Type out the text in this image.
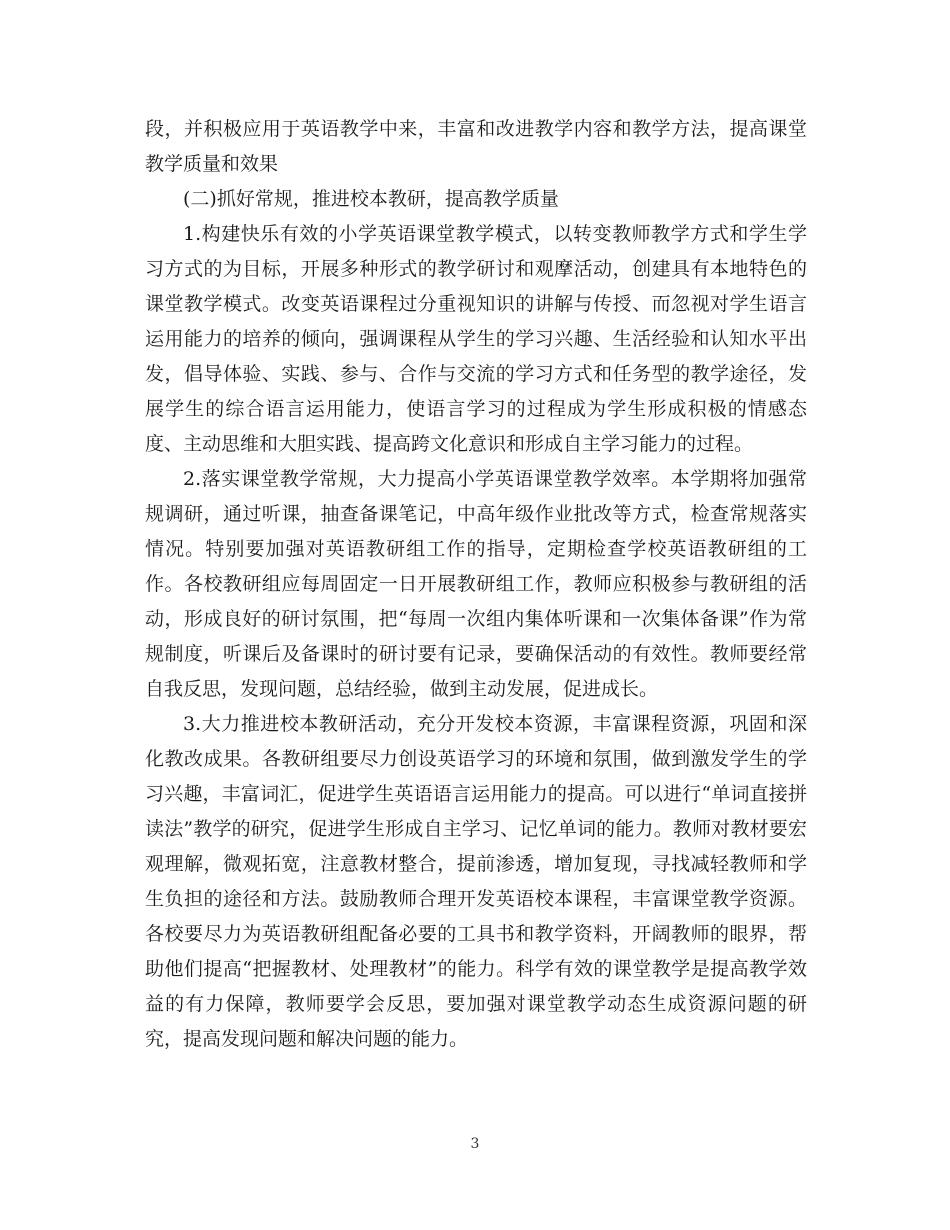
段，并积极应用于英语教学中来，丰富和改进教学内容和教学方法，提高课堂教学质量和效果

(二)抓好常规，推进校本教研，提高教学质量

1.构建快乐有效的小学英语课堂教学模式，以转变教师教学方式和学生学习方式的为目标，开展多种形式的教学研讨和观摩活动，创建具有本地特色的课堂教学模式。改变英语课程过分重视知识的讲解与传授、而忽视对学生语言运用能力的培养的倾向，强调课程从学生的学习兴趣、生活经验和认知水平出发，倡导体验、实践、参与、合作与交流的学习方式和任务型的教学途径，发展学生的综合语言运用能力，使语言学习的过程成为学生形成积极的情感态度、主动思维和大胆实践、提高跨文化意识和形成自主学习能力的过程。

2.落实课堂教学常规，大力提高小学英语课堂教学效率。本学期将加强常规调研，通过听课，抽查备课笔记，中高年级作业批改等方式，检查常规落实情况。特别要加强对英语教研组工作的指导，定期检查学校英语教研组的工作。各校教研组应每周固定一日开展教研组工作，教师应积极参与教研组的活动，形成良好的研讨氛围，把“每周一次组内集体听课和一次集体备课”作为常规制度，听课后及备课时的研讨要有记录，要确保活动的有效性。教师要经常自我反思，发现问题，总结经验，做到主动发展，促进成长。

3.大力推进校本教研活动，充分开发校本资源，丰富课程资源，巩固和深化教改成果。各教研组要尽力创设英语学习的环境和氛围，做到激发学生的学习兴趣，丰富词汇，促进学生英语语言运用能力的提高。可以进行“单词直接拼读法”教学的研究，促进学生形成自主学习、记忆单词的能力。教师对教材要宏观理解，微观拓宽，注意教材整合，提前渗透，增加复现，寻找减轻教师和学生负担的途径和方法。鼓励教师合理开发英语校本课程，丰富课堂教学资源。各校要尽力为英语教研组配备必要的工具书和教学资料，开阔教师的眼界，帮助他们提高“把握教材、处理教材”的能力。科学有效的课堂教学是提高教学效益的有力保障，教师要学会反思，要加强对课堂教学动态生成资源问题的研究，提高发现问题和解决问题的能力。

3
